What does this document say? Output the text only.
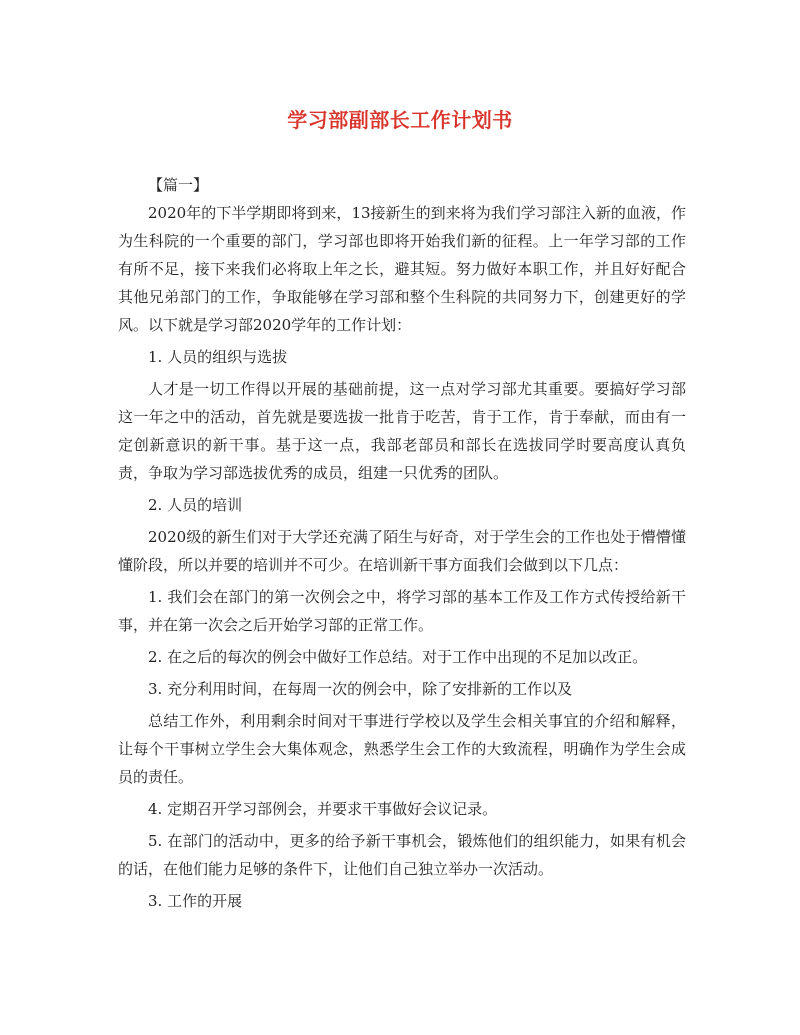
学习部副部长工作计划书

【篇一】

2020年的下半学期即将到来，13接新生的到来将为我们学习部注入新的血液，作为生科院的一个重要的部门，学习部也即将开始我们新的征程。上一年学习部的工作有所不足，接下来我们必将取上年之长，避其短。努力做好本职工作，并且好好配合其他兄弟部门的工作，争取能够在学习部和整个生科院的共同努力下，创建更好的学风。以下就是学习部2020学年的工作计划：

1. 人员的组织与选拔

人才是一切工作得以开展的基础前提，这一点对学习部尤其重要。要搞好学习部这一年之中的活动，首先就是要选拔一批肯于吃苦，肯于工作，肯于奉献，而由有一定创新意识的新干事。基于这一点，我部老部员和部长在选拔同学时要高度认真负责，争取为学习部选拔优秀的成员，组建一只优秀的团队。

2. 人员的培训

2020级的新生们对于大学还充满了陌生与好奇，对于学生会的工作也处于懵懵懂懂阶段，所以并要的培训并不可少。在培训新干事方面我们会做到以下几点：

1. 我们会在部门的第一次例会之中，将学习部的基本工作及工作方式传授给新干事，并在第一次会之后开始学习部的正常工作。

2. 在之后的每次的例会中做好工作总结。对于工作中出现的不足加以改正。

3. 充分利用时间，在每周一次的例会中，除了安排新的工作以及

总结工作外，利用剩余时间对干事进行学校以及学生会相关事宜的介绍和解释，让每个干事树立学生会大集体观念，熟悉学生会工作的大致流程，明确作为学生会成员的责任。

4. 定期召开学习部例会，并要求干事做好会议记录。

5. 在部门的活动中，更多的给予新干事机会，锻炼他们的组织能力，如果有机会的话，在他们能力足够的条件下，让他们自己独立举办一次活动。

3. 工作的开展
